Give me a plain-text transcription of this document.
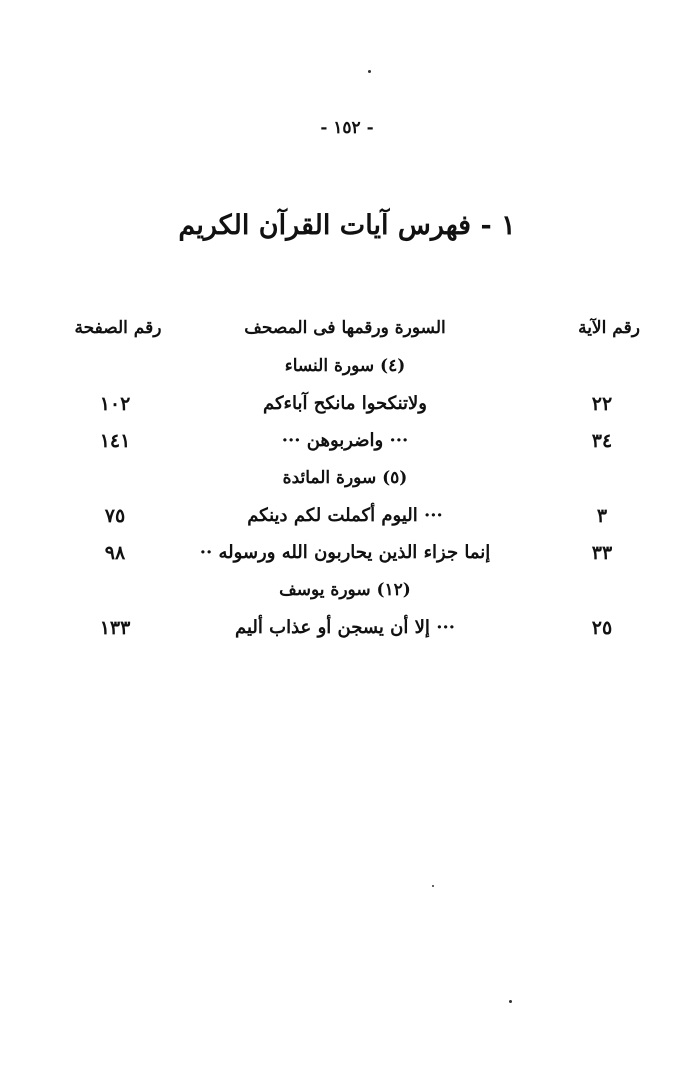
- ١٥٢ -
١ - فهرس آيات القرآن الكريم
رقم الآية
السورة ورقمها فى المصحف
رقم الصفحة
(٤) سورة النساء
٢٢
ولاتنكحوا مانكح آباءكم
١٠٢
٣٤
··· واضربوهن ···
١٤١
(٥) سورة المائدة
٣
··· اليوم أكملت لكم دينكم
٧٥
٣٣
إنما جزاء الذين يحاربون الله ورسوله ··
٩٨
(١٢) سورة يوسف
٢٥
··· إلا أن يسجن أو عذاب أليم
١٣٣
